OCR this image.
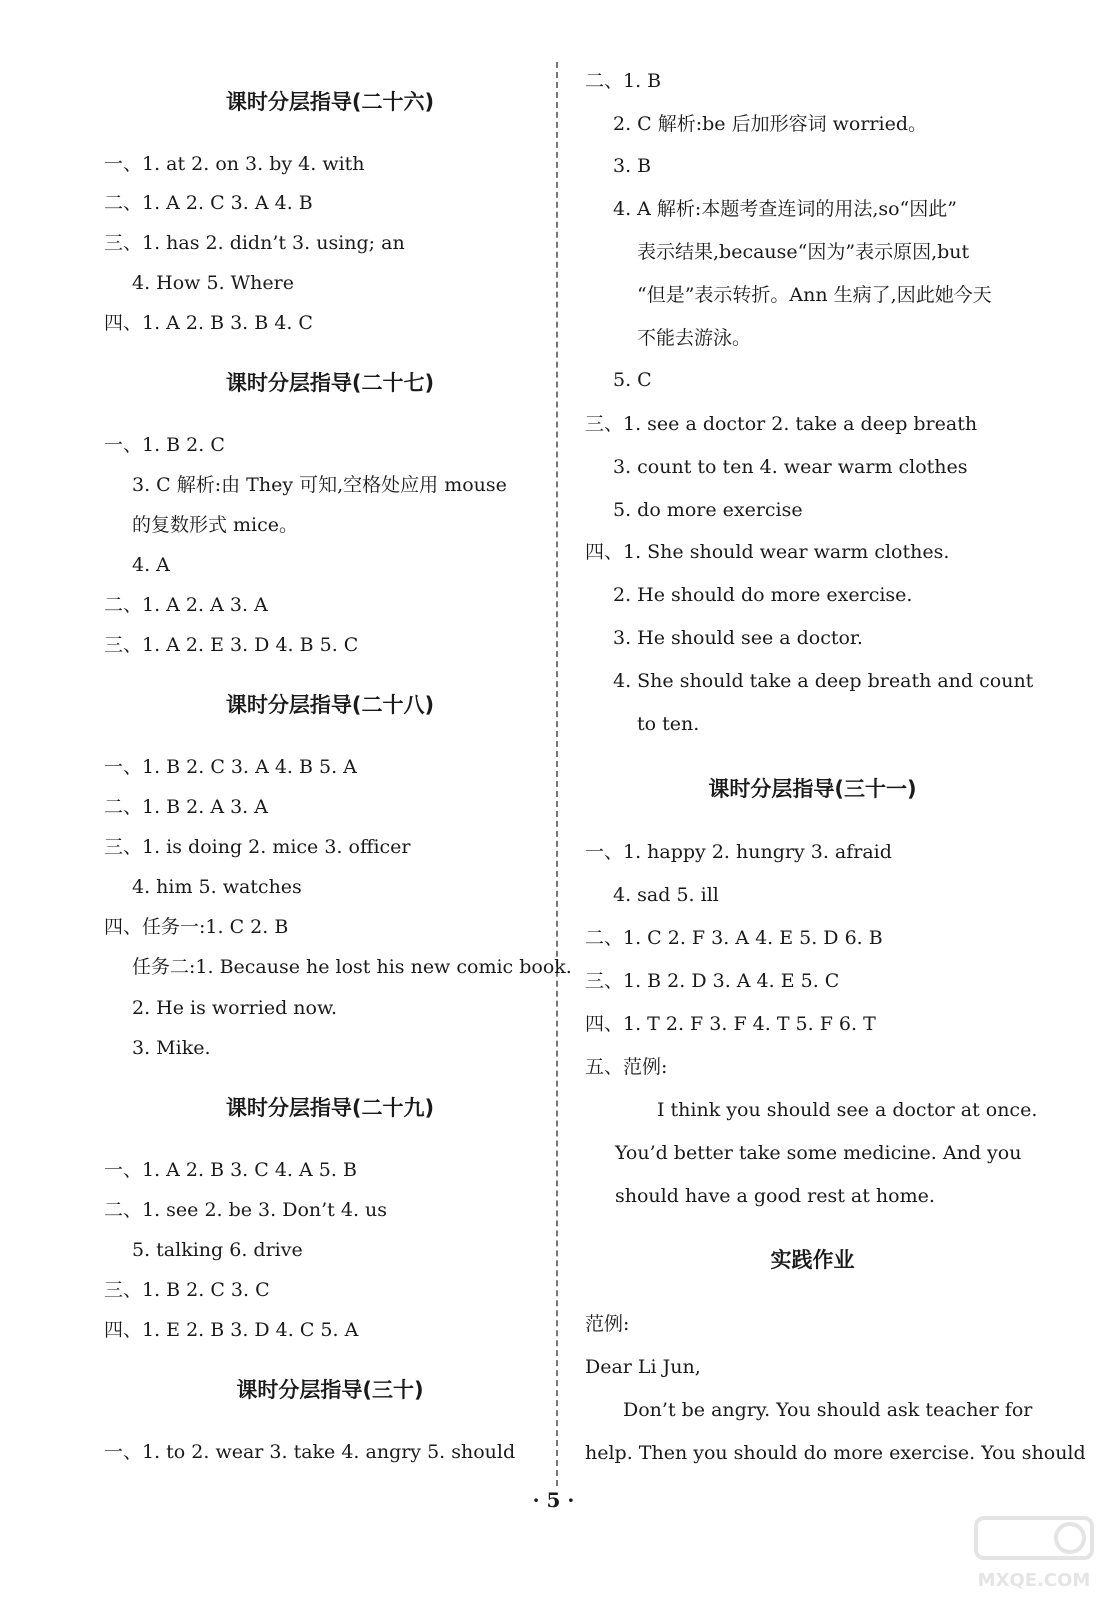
课时分层指导(二十六)
一、1. at 2. on 3. by 4. with
二、1. A 2. C 3. A 4. B
三、1. has 2. didn’t 3. using; an
4. How 5. Where
四、1. A 2. B 3. B 4. C
课时分层指导(二十七)
一、1. B 2. C
3. C 解析:由 They 可知,空格处应用 mouse
的复数形式 mice。
4. A
二、1. A 2. A 3. A
三、1. A 2. E 3. D 4. B 5. C
课时分层指导(二十八)
一、1. B 2. C 3. A 4. B 5. A
二、1. B 2. A 3. A
三、1. is doing 2. mice 3. officer
4. him 5. watches
四、任务一:1. C 2. B
任务二:1. Because he lost his new comic book.
2. He is worried now.
3. Mike.
课时分层指导(二十九)
一、1. A 2. B 3. C 4. A 5. B
二、1. see 2. be 3. Don’t 4. us
5. talking 6. drive
三、1. B 2. C 3. C
四、1. E 2. B 3. D 4. C 5. A
课时分层指导(三十)
一、1. to 2. wear 3. take 4. angry 5. should
二、1. B
2. C 解析:be 后加形容词 worried。
3. B
4. A 解析:本题考查连词的用法,so“因此”
表示结果,because“因为”表示原因,but
“但是”表示转折。Ann 生病了,因此她今天
不能去游泳。
5. C
三、1. see a doctor 2. take a deep breath
3. count to ten 4. wear warm clothes
5. do more exercise
四、1. She should wear warm clothes.
2. He should do more exercise.
3. He should see a doctor.
4. She should take a deep breath and count
to ten.
课时分层指导(三十一)
一、1. happy 2. hungry 3. afraid
4. sad 5. ill
二、1. C 2. F 3. A 4. E 5. D 6. B
三、1. B 2. D 3. A 4. E 5. C
四、1. T 2. F 3. F 4. T 5. F 6. T
五、范例:
I think you should see a doctor at once.
You’d better take some medicine. And you
should have a good rest at home.
实践作业
范例:
Dear Li Jun,
Don’t be angry. You should ask teacher for
help. Then you should do more exercise. You should
· 5 ·
MXQE.COM
